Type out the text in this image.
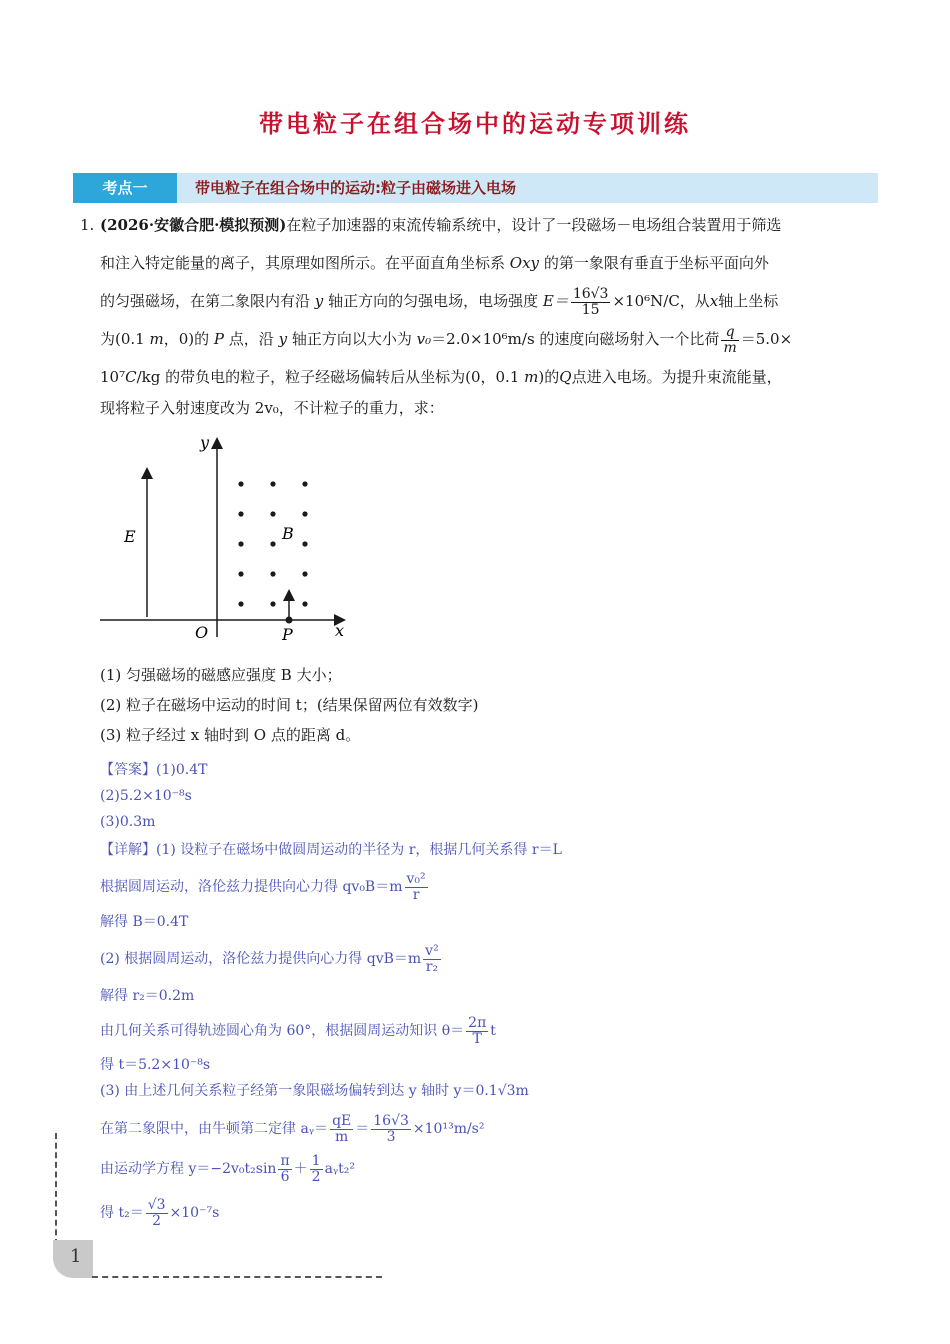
带电粒子在组合场中的运动专项训练
考点一	带电粒子在组合场中的运动:粒子由磁场进入电场

1. (2026·安徽合肥·模拟预测)在粒子加速器的束流传输系统中，设计了一段磁场－电场组合装置用于筛选

和注入特定能量的离子，其原理如图所示。在平面直角坐标系 Oxy 的第一象限有垂直于坐标平面向外

的匀强磁场，在第二象限内有沿 y 轴正方向的匀强电场，电场强度 $E= \frac{16√3}{15} \times 10^6N/C$，从x轴上坐标

为(0.1 m，0)的 P 点，沿 y 轴正方向以大小为 v₀＝2.0×10⁶m/s 的速度向磁场射入一个比荷 $\frac{q}{m} =5.0\times$

10⁷C/kg 的带负电的粒子，粒子经磁场偏转后从坐标为(0，0.1 m)的Q点进入电场。为提升束流能量，

现将粒子入射速度改为 2v₀，不计粒子的重力，求：

y
x
O	P
E	B

(1) 匀强磁场的磁感应强度 B 大小；

(2) 粒子在磁场中运动的时间 t；(结果保留两位有效数字)

(3) 粒子经过 x 轴时到 O 点的距离 d。

【答案】(1)0.4T

(2)5.2×10⁻⁸s

(3)0.3m

【详解】(1) 设粒子在磁场中做圆周运动的半径为 r，根据几何关系得 r＝L
根据圆周运动，洛伦兹力提供向心力得 $qv_0B=m \frac{\text{v₀²}}{r}$
解得 B＝0.4T
(2) 根据圆周运动，洛伦兹力提供向心力得 $qvB=m \frac{\text{v²}}{\text{r₂}}$
解得 r₂＝0.2m
由几何关系可得轨迹圆心角为 60°，根据圆周运动知识 $\theta= \frac{2\pi}{T}$ t
得 t＝5.2×10⁻⁸s
(3) 由上述几何关系粒子经第一象限磁场偏转到达 y 轴时 y＝0.1√3m
在第二象限中，由牛顿第二定律 aᵧ＝ $\frac{qE}{m} = \frac{16√3}{3} \times 10^{13}m/s^2$
由运动学方程 $y=-2v_0t_2\sin \frac{\pi}{6} + \frac{1}{2}$ aᵧt₂²
得 $t_2= \frac{√3}{2} \times 10^{-7}s$
1
